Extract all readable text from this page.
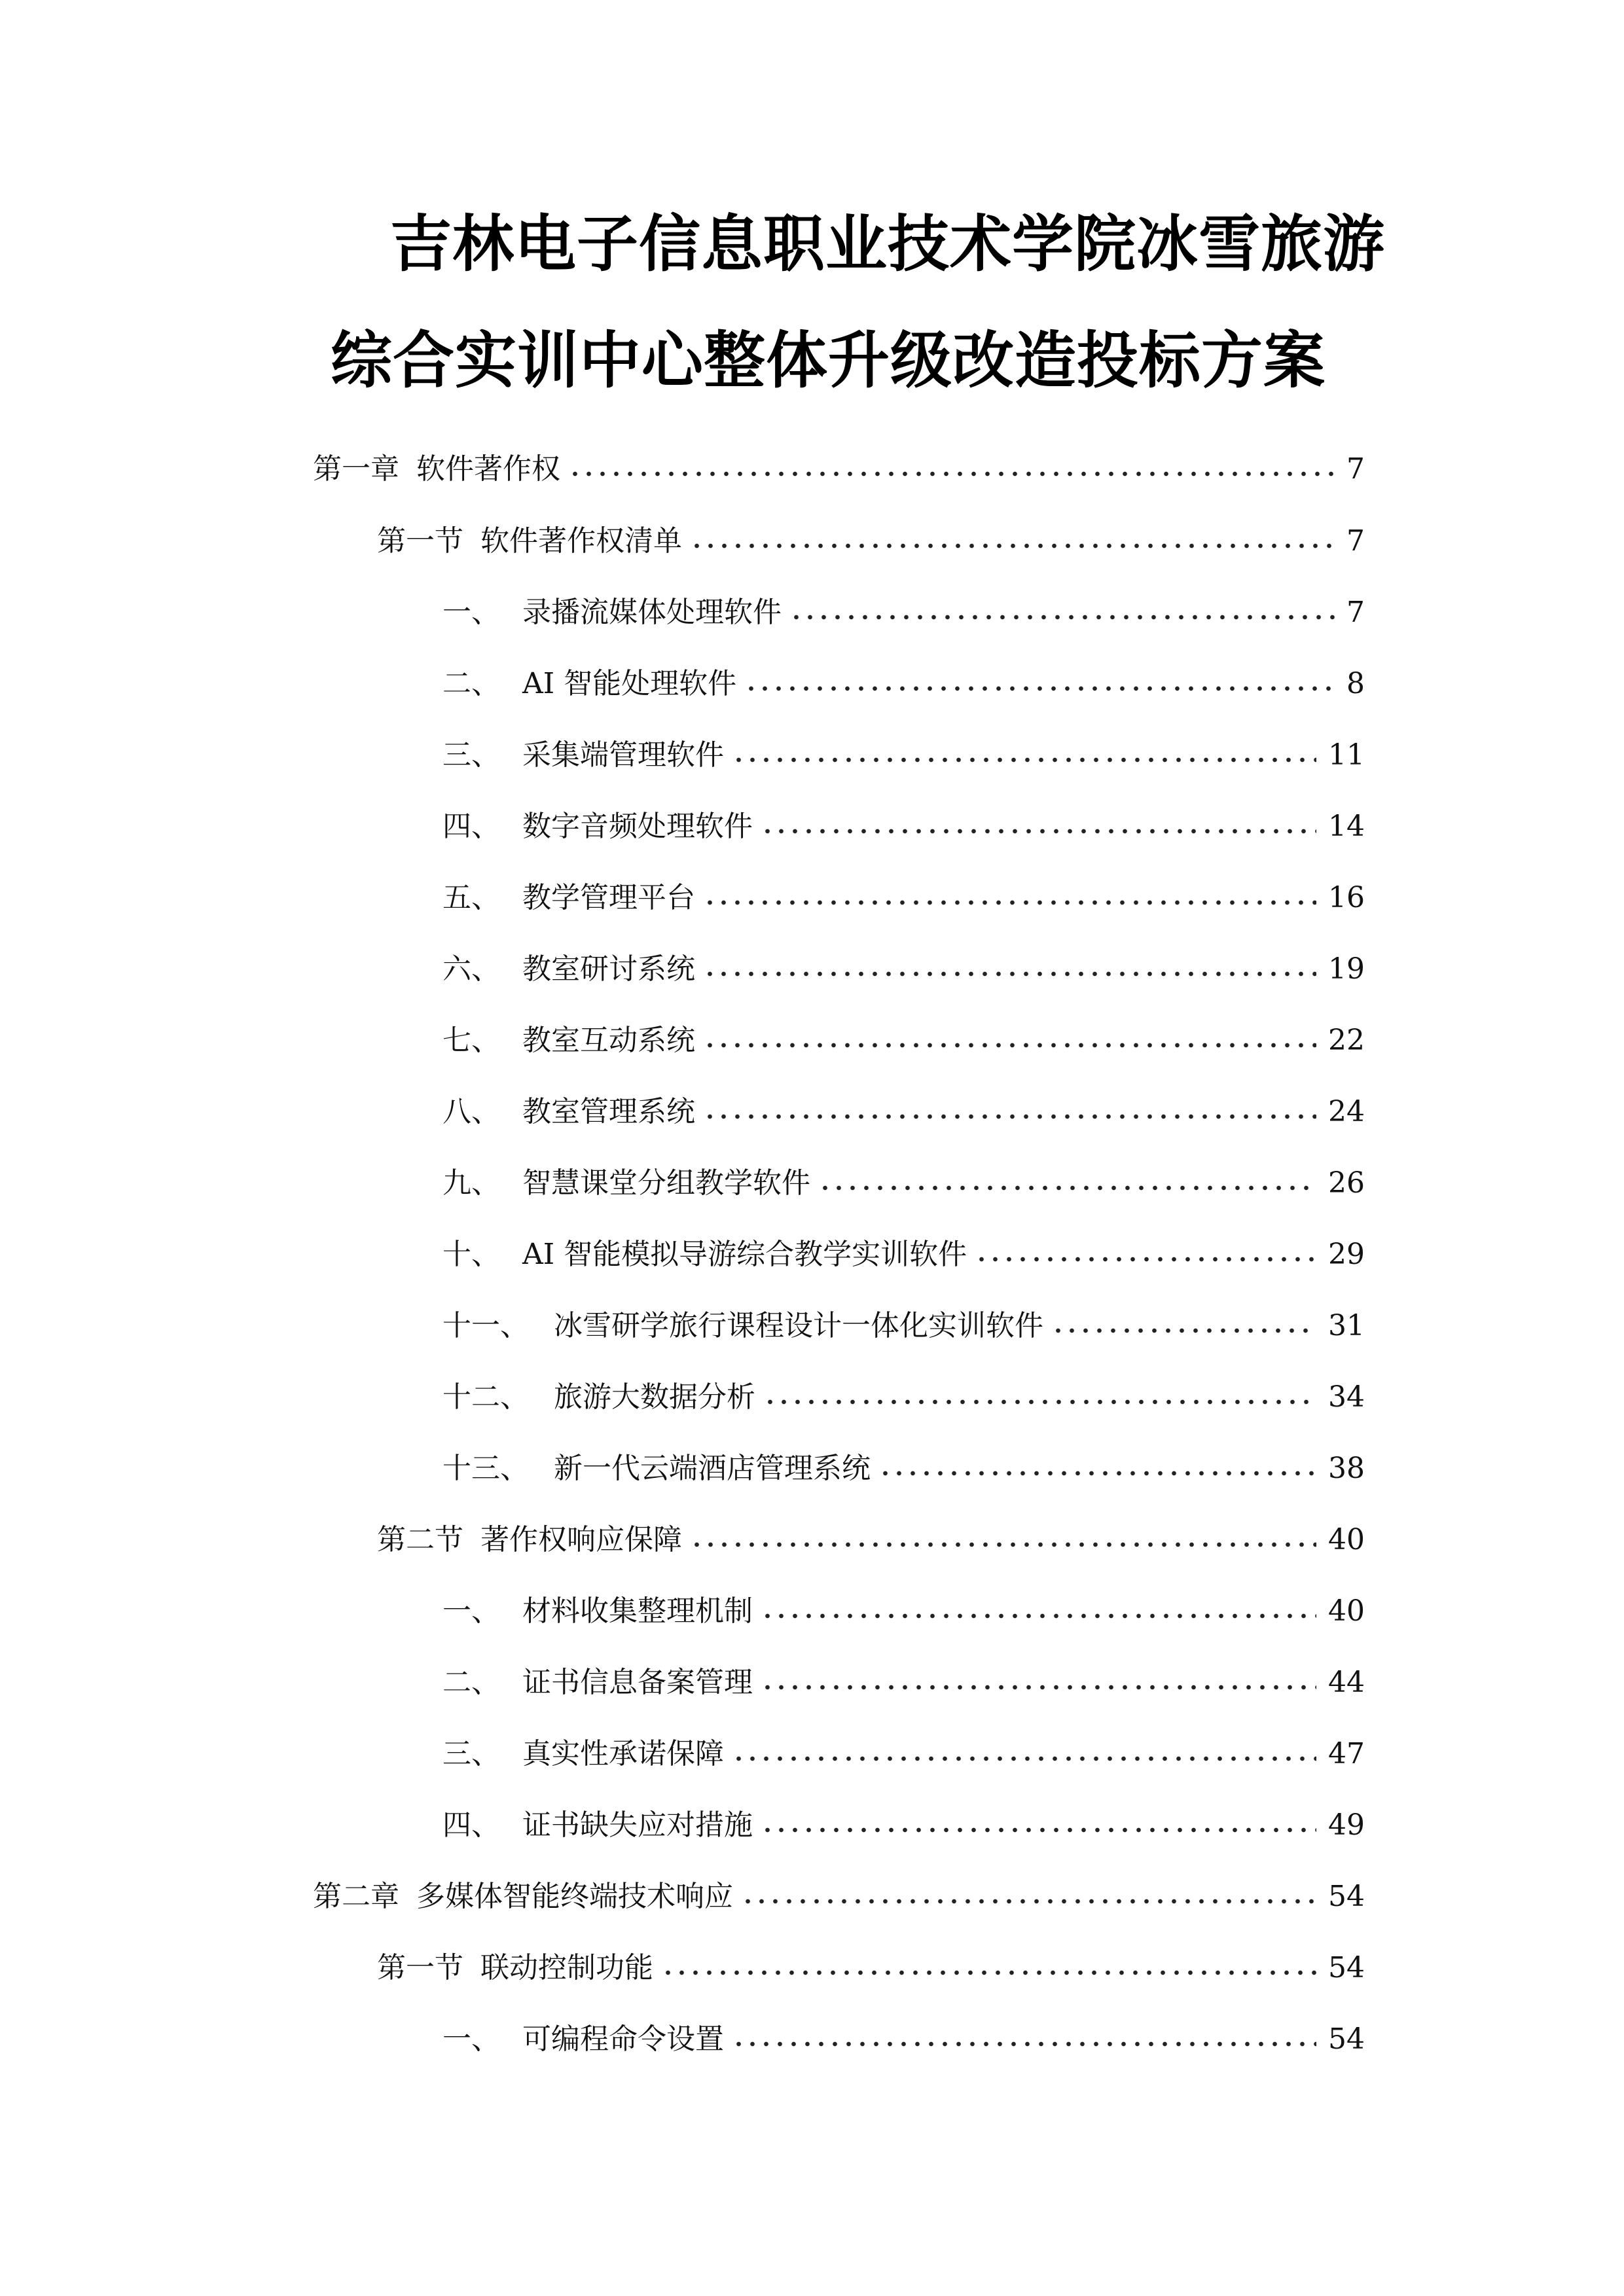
吉林电子信息职业技术学院冰雪旅游
综合实训中心整体升级改造投标方案
第一章 软件著作权	7
第一节 软件著作权清单	7
一、 录播流媒体处理软件	7
二、 AI 智能处理软件	8
三、 采集端管理软件	11
四、 数字音频处理软件	14
五、 教学管理平台	16
六、 教室研讨系统	19
七、 教室互动系统	22
八、 教室管理系统	24
九、 智慧课堂分组教学软件	26
十、 AI 智能模拟导游综合教学实训软件	29
十一、 冰雪研学旅行课程设计一体化实训软件	31
十二、 旅游大数据分析	34
十三、 新一代云端酒店管理系统	38
第二节 著作权响应保障	40
一、 材料收集整理机制	40
二、 证书信息备案管理	44
三、 真实性承诺保障	47
四、 证书缺失应对措施	49
第二章 多媒体智能终端技术响应	54
第一节 联动控制功能	54
一、 可编程命令设置	54
